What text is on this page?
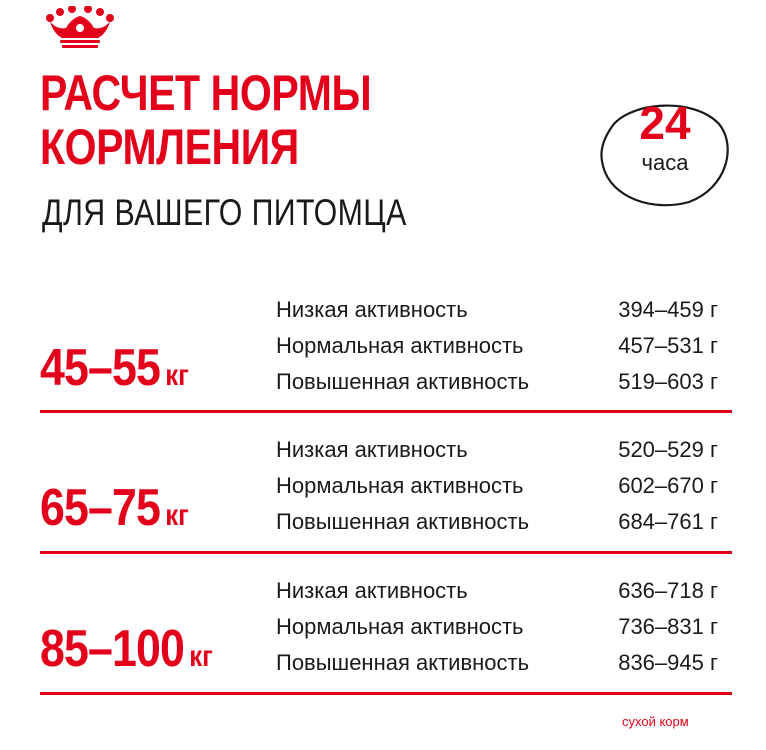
РАСЧЕТ НОРМЫ
КОРМЛЕНИЯ
ДЛЯ ВАШЕГО ПИТОМЦА
24
часа
45–55 кг
Низкая активность	394–459 г
Нормальная активность	457–531 г
Повышенная активность	519–603 г
65–75 кг
Низкая активность	520–529 г
Нормальная активность	602–670 г
Повышенная активность	684–761 г
85–100 кг
Низкая активность	636–718 г
Нормальная активность	736–831 г
Повышенная активность	836–945 г
сухой корм
